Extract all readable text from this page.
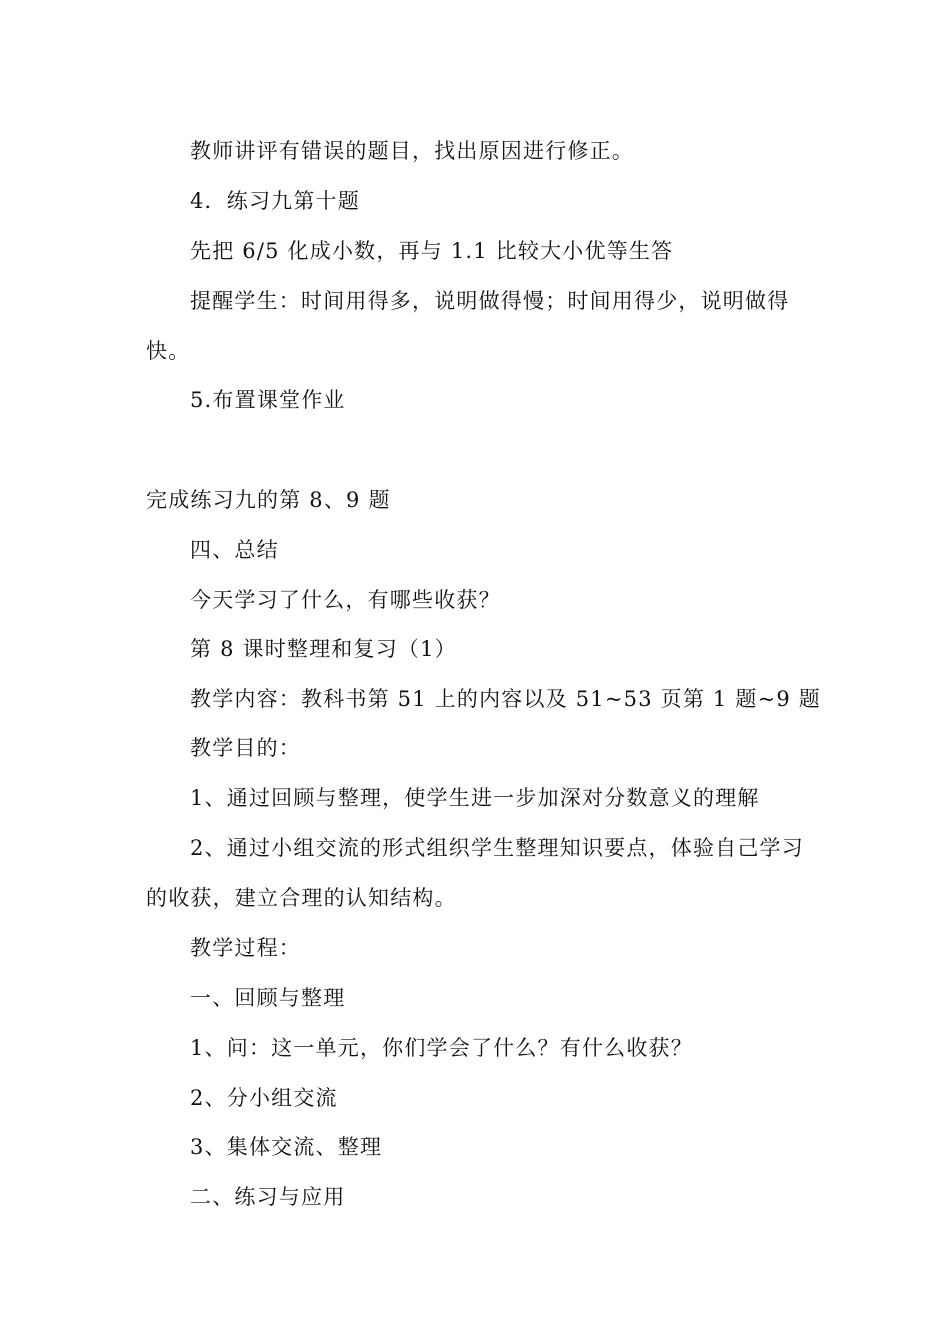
教师讲评有错误的题目，找出原因进行修正。
4．练习九第十题
先把 6/5 化成小数，再与 1.1 比较大小优等生答
提醒学生：时间用得多，说明做得慢；时间用得少，说明做得
快。
5.布置课堂作业
完成练习九的第 8、9 题
四、总结
今天学习了什么，有哪些收获？
第 8 课时整理和复习（1）
教学内容：教科书第 51 上的内容以及 51~53 页第 1 题~9 题
教学目的：
1、通过回顾与整理，使学生进一步加深对分数意义的理解
2、通过小组交流的形式组织学生整理知识要点，体验自己学习
的收获，建立合理的认知结构。
教学过程：
一、回顾与整理
1、问：这一单元，你们学会了什么？有什么收获？
2、分小组交流
3、集体交流、整理
二、练习与应用
